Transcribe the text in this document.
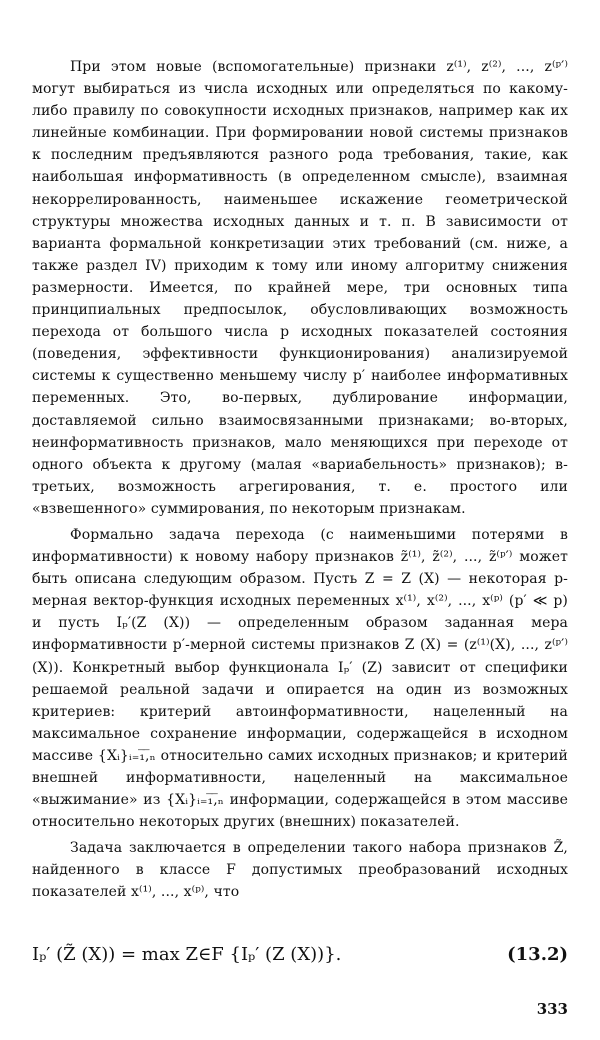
При этом новые (вспомогательные) признаки z⁽¹⁾, z⁽²⁾, ..., z⁽ᵖ′⁾ могут выбираться из числа исходных или определяться по какому-либо правилу по совокупности исходных признаков, например как их линейные комбинации. При формировании новой системы признаков к последним предъявляются разного рода требования, такие, как наибольшая информативность (в определенном смысле), взаимная некоррелированность, наименьшее искажение геометрической структуры множества исходных данных и т. п. В зависимости от варианта формальной конкретизации этих требований (см. ниже, а также раздел IV) приходим к тому или иному алгоритму снижения размерности. Имеется, по крайней мере, три основных типа принципиальных предпосылок, обусловливающих возможность перехода от большого числа p исходных показателей состояния (поведения, эффективности функционирования) анализируемой системы к существенно меньшему числу p′ наиболее информативных переменных. Это, во-первых, дублирование информации, доставляемой сильно взаимосвязанными признаками; во-вторых, неинформативность признаков, мало меняющихся при переходе от одного объекта к другому (малая «вариабельность» признаков); в-третьих, возможность агрегирования, т. е. простого или «взвешенного» суммирования, по некоторым признакам.

Формально задача перехода (с наименьшими потерями в информативности) к новому набору признаков z̃⁽¹⁾, z̃⁽²⁾, ..., z̃⁽ᵖ′⁾ может быть описана следующим образом. Пусть Z = Z (X) — некоторая p-мерная вектор-функция исходных переменных x⁽¹⁾, x⁽²⁾, ..., x⁽ᵖ⁾ (p′ ≪ p) и пусть Iₚ′(Z (X)) — определенным образом заданная мера информативности p′-мерной системы признаков Z (X) = (z⁽¹⁾(X), ..., z⁽ᵖ′⁾ (X)). Конкретный выбор функционала Iₚ′ (Z) зависит от специфики решаемой реальной задачи и опирается на один из возможных критериев: критерий автоинформативности, нацеленный на максимальное сохранение информации, содержащейся в исходном массиве {Xᵢ}ᵢ₌₁̅,̅ₙ относительно самих исходных признаков; и критерий внешней информативности, нацеленный на максимальное «выжимание» из {Xᵢ}ᵢ₌₁̅,̅ₙ информации, содержащейся в этом массиве относительно некоторых других (внешних) показателей.

Задача заключается в определении такого набора признаков Z̃, найденного в классе F допустимых преобразований исходных показателей x⁽¹⁾, ..., x⁽ᵖ⁾, что

Iₚ′ (Z̃ (X)) = max Z∈F {Iₚ′ (Z (X))}.	(13.2)
333
